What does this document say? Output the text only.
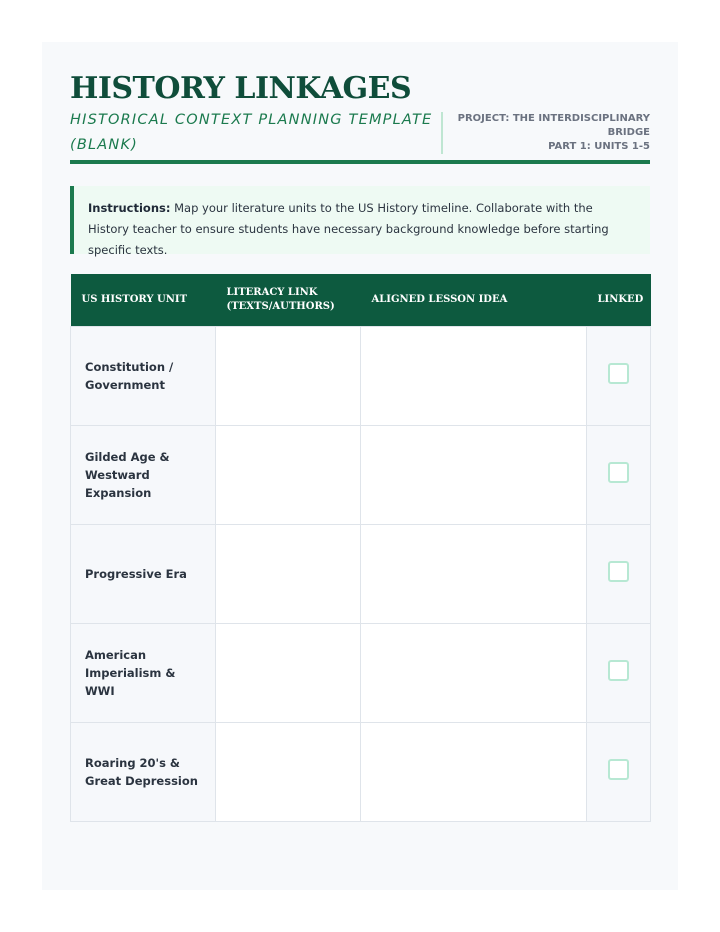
HISTORY LINKAGES
HISTORICAL CONTEXT PLANNING TEMPLATE (BLANK)
PROJECT: THE INTERDISCIPLINARY BRIDGE
PART 1: UNITS 1-5
Instructions: Map your literature units to the US History timeline. Collaborate with the History teacher to ensure students have necessary background knowledge before starting specific texts.
US HISTORY UNIT	LITERACY LINK (TEXTS/AUTHORS)	ALIGNED LESSON IDEA	LINKED
Constitution / Government			
Gilded Age & Westward Expansion			
Progressive Era			
American Imperialism & WWI			
Roaring 20's & Great Depression			
